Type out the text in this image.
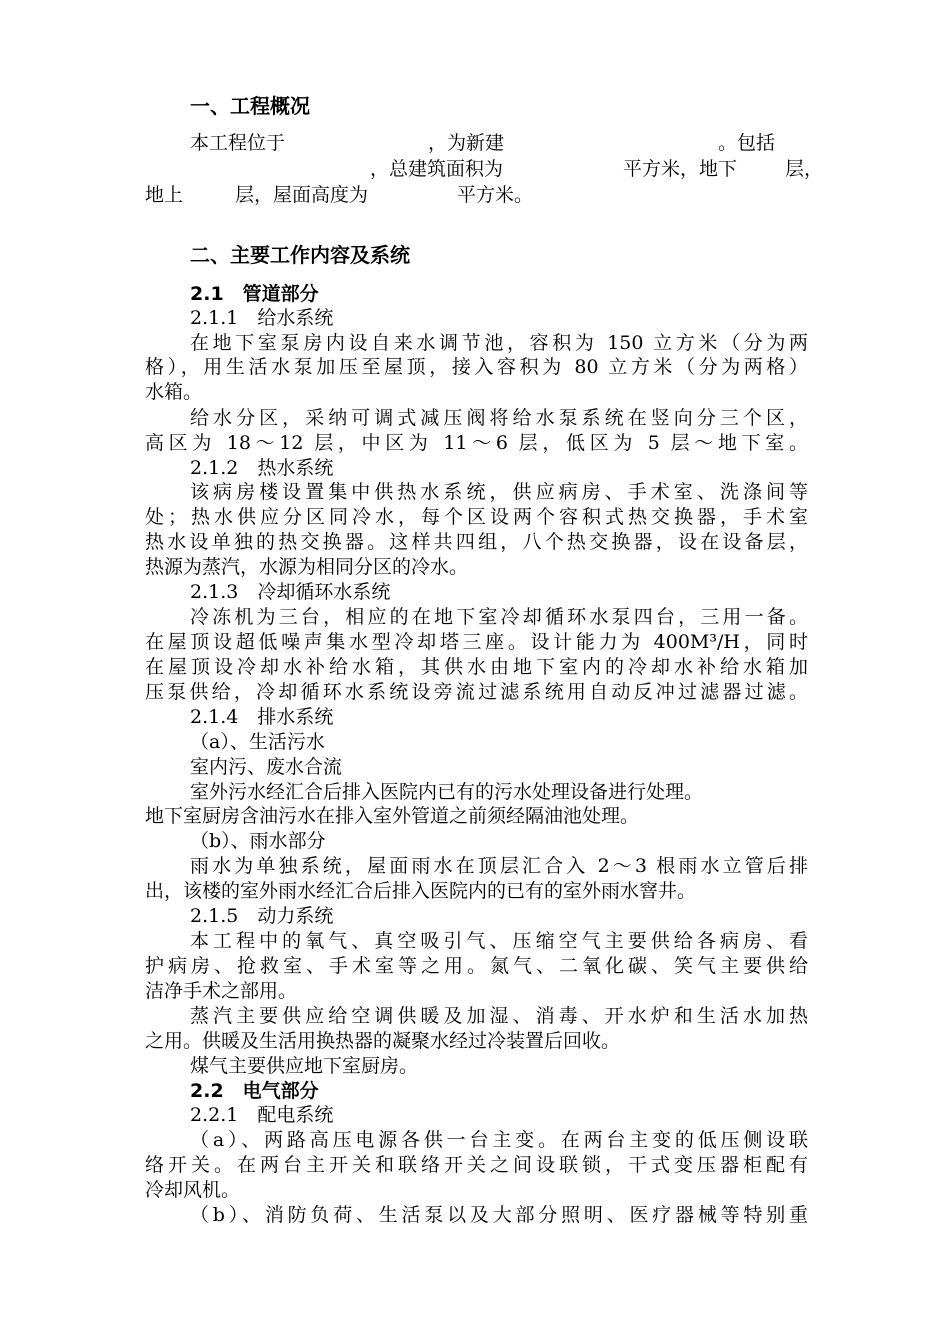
一、工程概况
本工程位于	，为新建	。包括
，总建筑面积为	平方米，地下	层，
地上	层，屋面高度为	平方米。
二、主要工作内容及系统
2.1　管道部分
2.1.1　给水系统
在地下室泵房内设自来水调节池，容积为 150 立方米（分为两
格），用生活水泵加压至屋顶，接入容积为 80 立方米（分为两格）
水箱。
给水分区，采纳可调式减压阀将给水泵系统在竖向分三个区，
高区为 18～12 层，中区为 11～6 层，低区为 5 层～地下室。
2.1.2　热水系统
该病房楼设置集中供热水系统，供应病房、手术室、洗涤间等
处；热水供应分区同冷水，每个区设两个容积式热交换器，手术室
热水设单独的热交换器。这样共四组，八个热交换器，设在设备层，
热源为蒸汽，水源为相同分区的冷水。
2.1.3　冷却循环水系统
冷冻机为三台，相应的在地下室冷却循环水泵四台，三用一备。
在屋顶设超低噪声集水型冷却塔三座。设计能力为 400M³/H，同时
在屋顶设冷却水补给水箱，其供水由地下室内的冷却水补给水箱加
压泵供给，冷却循环水系统设旁流过滤系统用自动反冲过滤器过滤。
2.1.4　排水系统
（a）、生活污水
室内污、废水合流
室外污水经汇合后排入医院内已有的污水处理设备进行处理。
地下室厨房含油污水在排入室外管道之前须经隔油池处理。
（b）、雨水部分
雨水为单独系统，屋面雨水在顶层汇合入 2～3 根雨水立管后排
出，该楼的室外雨水经汇合后排入医院内的已有的室外雨水窨井。
2.1.5　动力系统
本工程中的氧气、真空吸引气、压缩空气主要供给各病房、看
护病房、抢救室、手术室等之用。氮气、二氧化碳、笑气主要供给
洁净手术之部用。
蒸汽主要供应给空调供暖及加湿、消毒、开水炉和生活水加热
之用。供暖及生活用换热器的凝聚水经过冷装置后回收。
煤气主要供应地下室厨房。
2.2　电气部分
2.2.1　配电系统
（a）、两路高压电源各供一台主变。在两台主变的低压侧设联
络开关。在两台主开关和联络开关之间设联锁，干式变压器柜配有
冷却风机。
（b）、消防负荷、生活泵以及大部分照明、医疗器械等特别重
